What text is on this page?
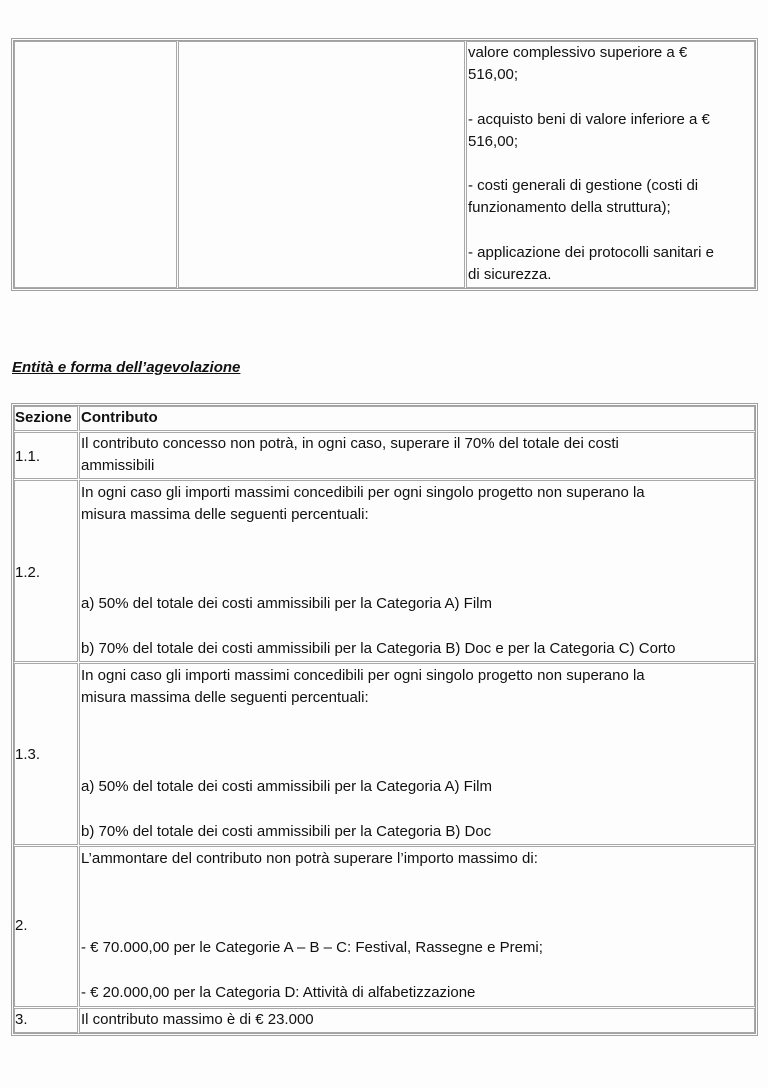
valore complessivo superiore a €
516,00;
- acquisto beni di valore inferiore a €
516,00;
- costi generali di gestione (costi di
funzionamento della struttura);
- applicazione dei protocolli sanitari e
di sicurezza.
Entità e forma dell’agevolazione
Sezione Contributo
1.1.
Il contributo concesso non potrà, in ogni caso, superare il 70% del totale dei costi
ammissibili
1.2.
In ogni caso gli importi massimi concedibili per ogni singolo progetto non superano la
misura massima delle seguenti percentuali:
a) 50% del totale dei costi ammissibili per la Categoria A) Film
b) 70% del totale dei costi ammissibili per la Categoria B) Doc e per la Categoria C) Corto
1.3.
In ogni caso gli importi massimi concedibili per ogni singolo progetto non superano la
misura massima delle seguenti percentuali:
a) 50% del totale dei costi ammissibili per la Categoria A) Film
b) 70% del totale dei costi ammissibili per la Categoria B) Doc
2.
L’ammontare del contributo non potrà superare l’importo massimo di:
- € 70.000,00 per le Categorie A – B – C: Festival, Rassegne e Premi;
- € 20.000,00 per la Categoria D: Attività di alfabetizzazione
3.	Il contributo massimo è di € 23.000
